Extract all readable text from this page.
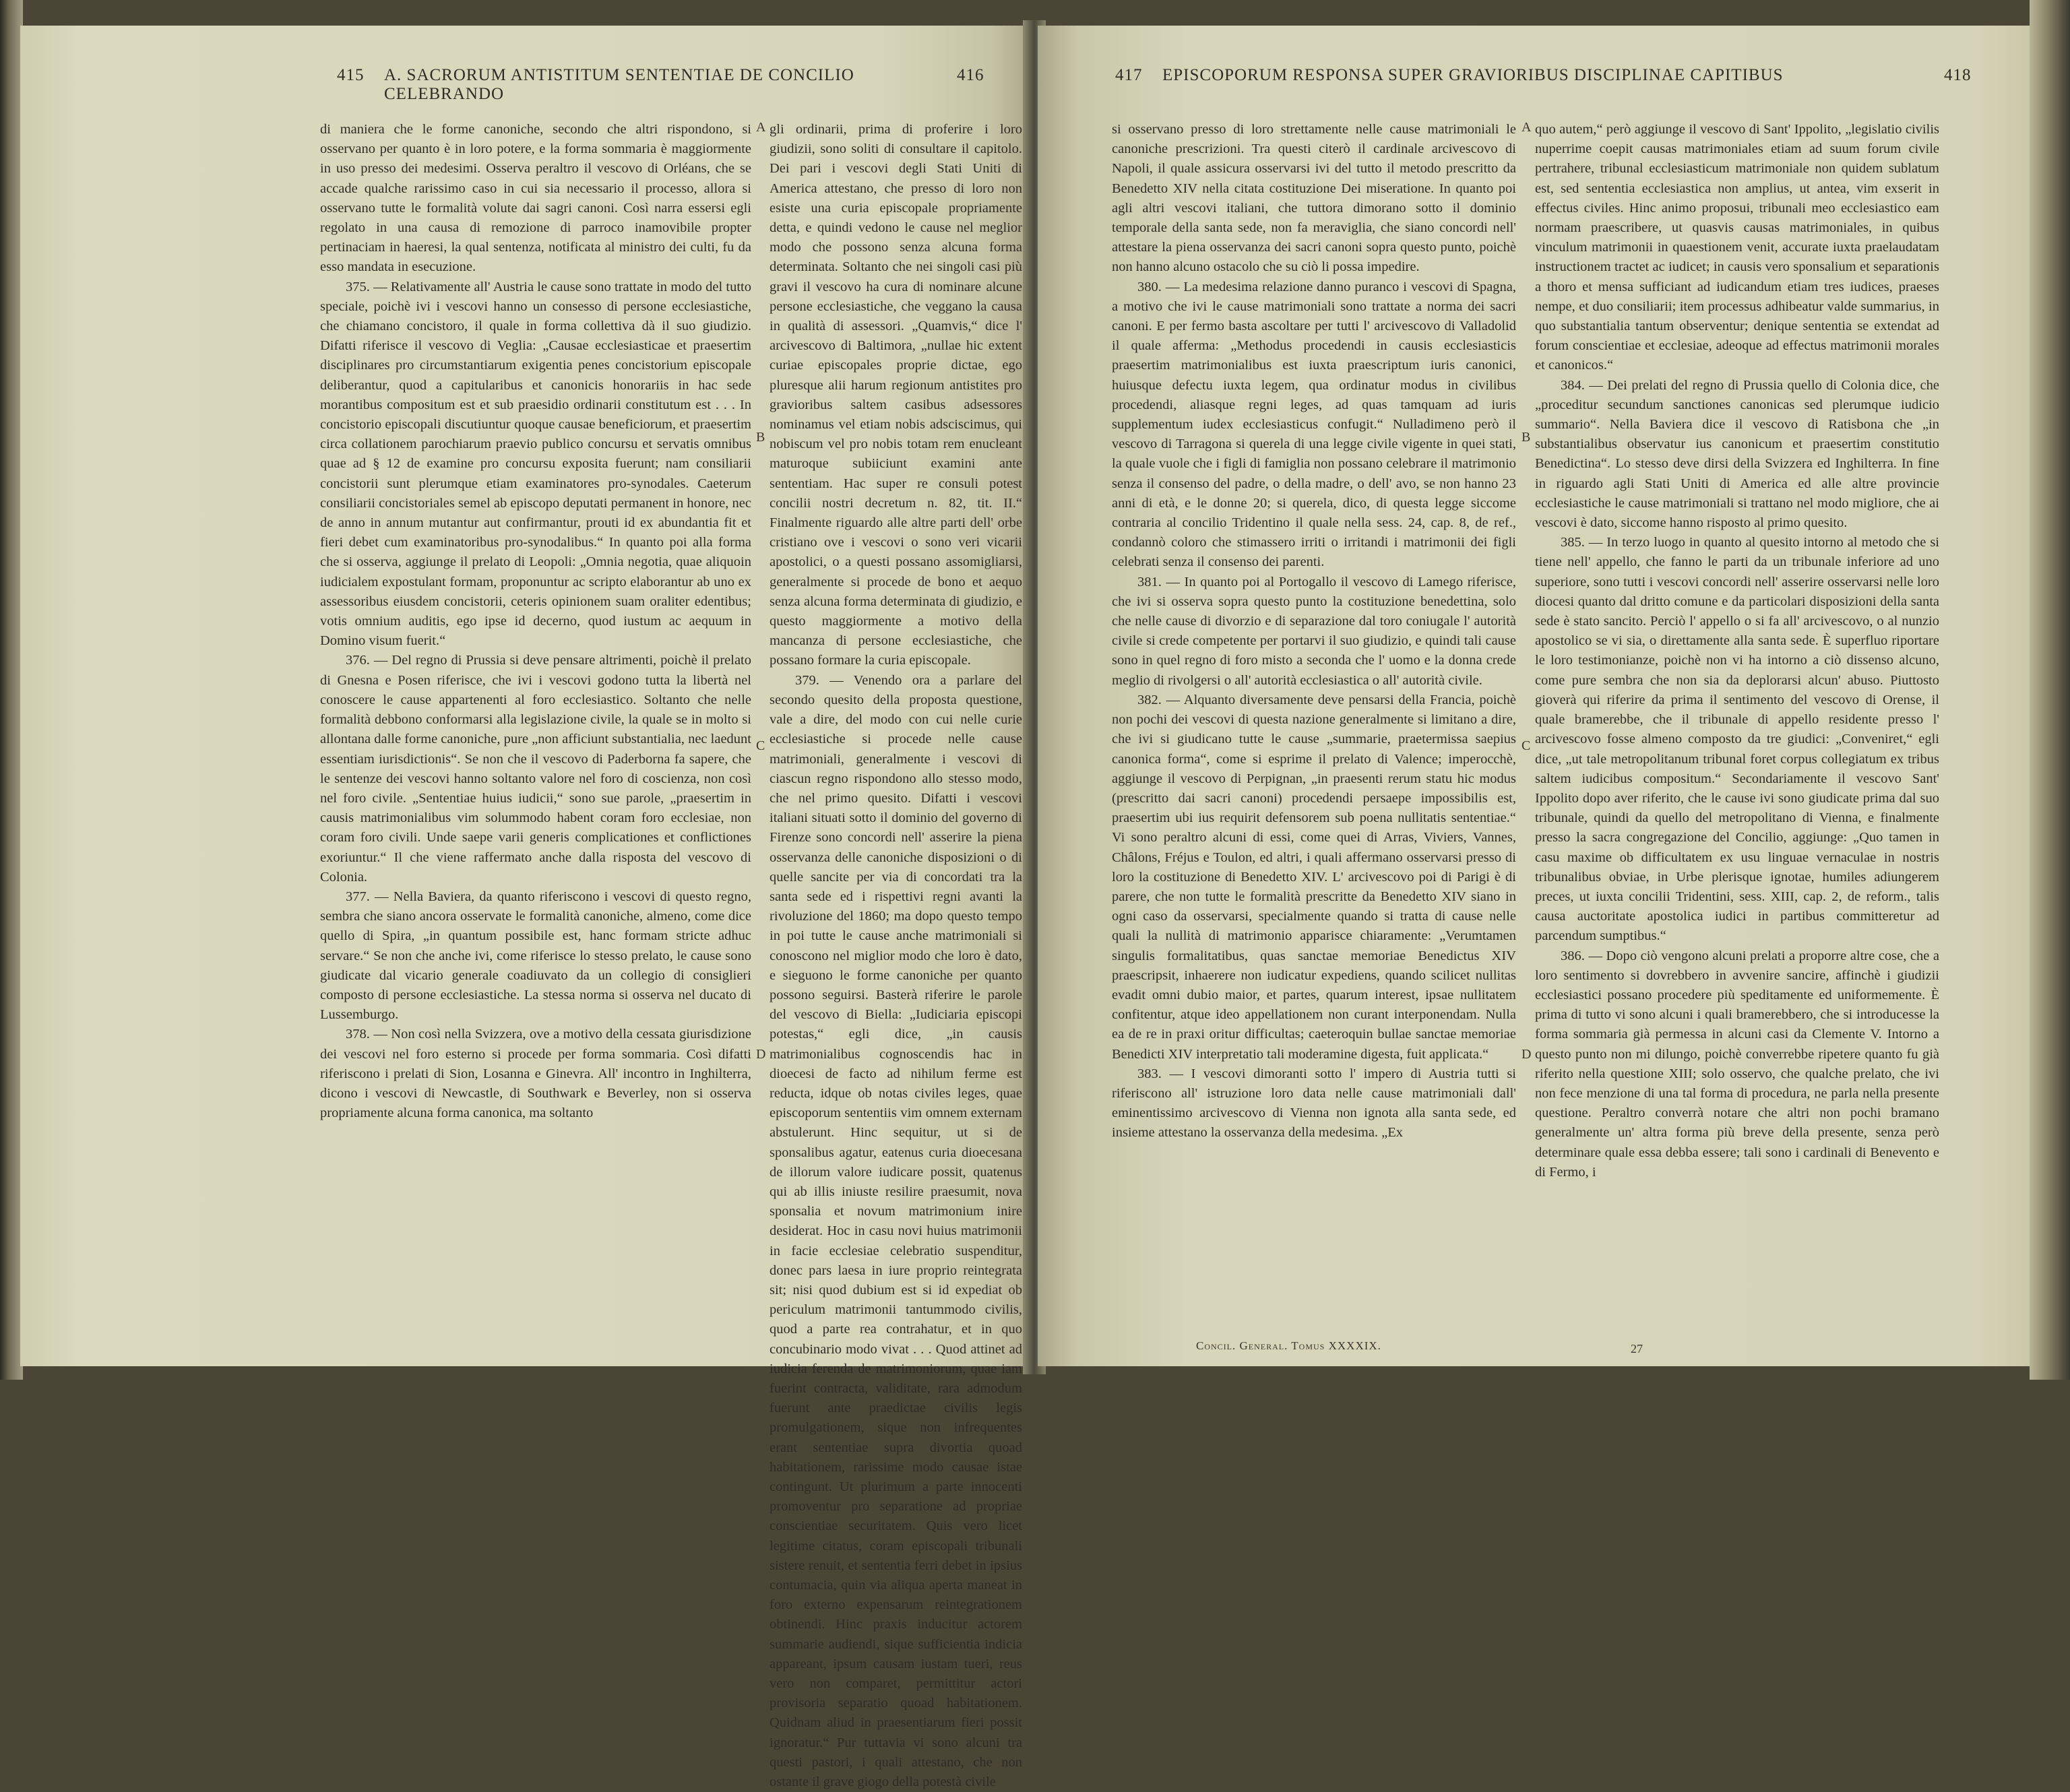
415 A. SACRORUM ANTISTITUM SENTENTIAE DE CONCILIO CELEBRANDO
416

di maniera che le forme canoniche, secondo che altri rispondono, si osservano per quanto è in loro potere, e la forma sommaria è maggiormente in uso presso dei medesimi. Osserva peraltro il vescovo di Orléans, che se accade qualche rarissimo caso in cui sia necessario il processo, allora si osservano tutte le formalità volute dai sagri canoni. Così narra essersi egli regolato in una causa di remozione di parroco inamovibile propter pertinaciam in haeresi, la qual sentenza, notificata al ministro dei culti, fu da esso mandata in esecuzione.

375. — Relativamente all' Austria le cause sono trattate in modo del tutto speciale, poichè ivi i vescovi hanno un consesso di persone ecclesiastiche, che chiamano concistoro, il quale in forma collettiva dà il suo giudizio. Difatti riferisce il vescovo di Veglia: „Causae ecclesiasticae et praesertim disciplinares pro circumstantiarum exigentia penes concistorium episcopale deliberantur, quod a capitularibus et canonicis honorariis in hac sede morantibus compositum est et sub praesidio ordinarii constitutum est . . . In concistorio episcopali discutiuntur quoque causae beneficiorum, et praesertim circa collationem parochiarum praevio publico concursu et servatis omnibus quae ad § 12 de examine pro concursu exposita fuerunt; nam consiliarii concistorii sunt plerumque etiam examinatores pro-synodales. Caeterum consiliarii concistoriales semel ab episcopo deputati permanent in honore, nec de anno in annum mutantur aut confirmantur, prouti id ex abundantia fit et fieri debet cum examinatoribus pro-synodalibus.“ In quanto poi alla forma che si osserva, aggiunge il prelato di Leopoli: „Omnia negotia, quae aliquoin iudicialem expostulant formam, proponuntur ac scripto elaborantur ab uno ex assessoribus eiusdem concistorii, ceteris opinionem suam oraliter edentibus; votis omnium auditis, ego ipse id decerno, quod iustum ac aequum in Domino visum fuerit.“

376. — Del regno di Prussia si deve pensare altrimenti, poichè il prelato di Gnesna e Posen riferisce, che ivi i vescovi godono tutta la libertà nel conoscere le cause appartenenti al foro ecclesiastico. Soltanto che nelle formalità debbono conformarsi alla legislazione civile, la quale se in molto si allontana dalle forme canoniche, pure „non afficiunt substantialia, nec laedunt essentiam iurisdictionis“. Se non che il vescovo di Paderborna fa sapere, che le sentenze dei vescovi hanno soltanto valore nel foro di coscienza, non così nel foro civile. „Sententiae huius iudicii,“ sono sue parole, „praesertim in causis matrimonialibus vim solummodo habent coram foro ecclesiae, non coram foro civili. Unde saepe varii generis complicationes et conflictiones exoriuntur.“ Il che viene raffermato anche dalla risposta del vescovo di Colonia.

377. — Nella Baviera, da quanto riferiscono i vescovi di questo regno, sembra che siano ancora osservate le formalità canoniche, almeno, come dice quello di Spira, „in quantum possibile est, hanc formam stricte adhuc servare.“ Se non che anche ivi, come riferisce lo stesso prelato, le cause sono giudicate dal vicario generale coadiuvato da un collegio di consiglieri composto di persone ecclesiastiche. La stessa norma si osserva nel ducato di Lussemburgo.

378. — Non così nella Svizzera, ove a motivo della cessata giurisdizione dei vescovi nel foro esterno si procede per forma sommaria. Così difatti riferiscono i prelati di Sion, Losanna e Ginevra. All' incontro in Inghilterra, dicono i vescovi di Newcastle, di Southwark e Beverley, non si osserva propriamente alcuna forma canonica, ma soltanto

A
B
C
D

gli ordinarii, prima di proferire i loro giudizii, sono soliti di consultare il capitolo. Dei pari i vescovi degli Stati Uniti di America attestano, che presso di loro non esiste una curia episcopale propriamente detta, e quindi vedono le cause nel meglior modo che possono senza alcuna forma determinata. Soltanto che nei singoli casi più gravi il vescovo ha cura di nominare alcune persone ecclesiastiche, che veggano la causa in qualità di assessori. „Quamvis,“ dice l' arcivescovo di Baltimora, „nullae hic extent curiae episcopales proprie dictae, ego pluresque alii harum regionum antistites pro gravioribus saltem casibus adsessores nominamus vel etiam nobis adsciscimus, qui nobiscum vel pro nobis totam rem enucleant maturoque subiiciunt examini ante sententiam. Hac super re consuli potest concilii nostri decretum n. 82, tit. II.“ Finalmente riguardo alle altre parti dell' orbe cristiano ove i vescovi o sono veri vicarii apostolici, o a questi possano assomigliarsi, generalmente si procede de bono et aequo senza alcuna forma determinata di giudizio, e questo maggiormente a motivo della mancanza di persone ecclesiastiche, che possano formare la curia episcopale.

379. — Venendo ora a parlare del secondo quesito della proposta questione, vale a dire, del modo con cui nelle curie ecclesiastiche si procede nelle cause matrimoniali, generalmente i vescovi di ciascun regno rispondono allo stesso modo, che nel primo quesito. Difatti i vescovi italiani situati sotto il dominio del governo di Firenze sono concordi nell' asserire la piena osservanza delle canoniche disposizioni o di quelle sancite per via di concordati tra la santa sede ed i rispettivi regni avanti la rivoluzione del 1860; ma dopo questo tempo in poi tutte le cause anche matrimoniali si conoscono nel miglior modo che loro è dato, e sieguono le forme canoniche per quanto possono seguirsi. Basterà riferire le parole del vescovo di Biella: „Iudiciaria episcopi potestas,“ egli dice, „in causis matrimonialibus cognoscendis hac in dioecesi de facto ad nihilum ferme est reducta, idque ob notas civiles leges, quae episcoporum sententiis vim omnem externam abstulerunt. Hinc sequitur, ut si de sponsalibus agatur, eatenus curia dioecesana de illorum valore iudicare possit, quatenus qui ab illis iniuste resilire praesumit, nova sponsalia et novum matrimonium inire desiderat. Hoc in casu novi huius matrimonii in facie ecclesiae celebratio suspenditur, donec pars laesa in iure proprio reintegrata sit; nisi quod dubium est si id expediat ob periculum matrimonii tantummodo civilis, quod a parte rea contrahatur, et in quo concubinario modo vivat . . . Quod attinet ad iudicia ferenda de matrimoniorum, quae iam fuerint contracta, validitate, rara admodum fuerunt ante praedictae civilis legis promulgationem, sique non infrequentes erant sententiae supra divortia quoad habitationem, rarissime modo causae istae contingunt. Ut plurimum a parte innocenti promoventur pro separatione ad propriae conscientiae securitatem. Quis vero licet legitime citatus, coram episcopali tribunali sistere renuit, et sententia ferri debet in ipsius contumacia, quin via aliqua aperta maneat in foro externo expensarum reintegrationem obtinendi. Hinc praxis inducitur actorem summarie audiendi, sique sufficientia indicia appareant, ipsum causam iustam tueri, reus vero non comparet, permittitur actori provisoria separatio quoad habitationem. Quidnam aliud in praesentiarum fieri possit ignoratur.“ Pur tuttavia vi sono alcuni tra questi pastori, i quali attestano, che non ostante il grave giogo della potestà civile

417 EPISCOPORUM RESPONSA SUPER GRAVIORIBUS DISCIPLINAE CAPITIBUS	418

si osservano presso di loro strettamente nelle cause matrimoniali le canoniche prescrizioni. Tra questi citerò il cardinale arcivescovo di Napoli, il quale assicura osservarsi ivi del tutto il metodo prescritto da Benedetto XIV nella citata costituzione Dei miseratione. In quanto poi agli altri vescovi italiani, che tuttora dimorano sotto il dominio temporale della santa sede, non fa meraviglia, che siano concordi nell' attestare la piena osservanza dei sacri canoni sopra questo punto, poichè non hanno alcuno ostacolo che su ciò li possa impedire.

380. — La medesima relazione danno puranco i vescovi di Spagna, a motivo che ivi le cause matrimoniali sono trattate a norma dei sacri canoni. E per fermo basta ascoltare per tutti l' arcivescovo di Valladolid il quale afferma: „Methodus procedendi in causis ecclesiasticis praesertim matrimonialibus est iuxta praescriptum iuris canonici, huiusque defectu iuxta legem, qua ordinatur modus in civilibus procedendi, aliasque regni leges, ad quas tamquam ad iuris supplementum iudex ecclesiasticus confugit.“ Nulladimeno però il vescovo di Tarragona si querela di una legge civile vigente in quei stati, la quale vuole che i figli di famiglia non possano celebrare il matrimonio senza il consenso del padre, o della madre, o dell' avo, se non hanno 23 anni di età, e le donne 20; si querela, dico, di questa legge siccome contraria al concilio Tridentino il quale nella sess. 24, cap. 8, de ref., condannò coloro che stimassero irriti o irritandi i matrimonii dei figli celebrati senza il consenso dei parenti.

381. — In quanto poi al Portogallo il vescovo di Lamego riferisce, che ivi si osserva sopra questo punto la costituzione benedettina, solo che nelle cause di divorzio e di separazione dal toro coniugale l' autorità civile si crede competente per portarvi il suo giudizio, e quindi tali cause sono in quel regno di foro misto a seconda che l' uomo e la donna crede meglio di rivolgersi o all' autorità ecclesiastica o all' autorità civile.

382. — Alquanto diversamente deve pensarsi della Francia, poichè non pochi dei vescovi di questa nazione generalmente si limitano a dire, che ivi si giudicano tutte le cause „summarie, praetermissa saepius canonica forma“, come si esprime il prelato di Valence; imperocchè, aggiunge il vescovo di Perpignan, „in praesenti rerum statu hic modus (prescritto dai sacri canoni) procedendi persaepe impossibilis est, praesertim ubi ius requirit defensorem sub poena nullitatis sententiae.“ Vi sono peraltro alcuni di essi, come quei di Arras, Viviers, Vannes, Châlons, Fréjus e Toulon, ed altri, i quali affermano osservarsi presso di loro la costituzione di Benedetto XIV. L' arcivescovo poi di Parigi è di parere, che non tutte le formalità prescritte da Benedetto XIV siano in ogni caso da osservarsi, specialmente quando si tratta di cause nelle quali la nullità di matrimonio apparisce chiaramente: „Verumtamen singulis formalitatibus, quas sanctae memoriae Benedictus XIV praescripsit, inhaerere non iudicatur expediens, quando scilicet nullitas evadit omni dubio maior, et partes, quarum interest, ipsae nullitatem confitentur, atque ideo appellationem non curant interponendam. Nulla ea de re in praxi oritur difficultas; caeteroquin bullae sanctae memoriae Benedicti XIV interpretatio tali moderamine digesta, fuit applicata.“

383. — I vescovi dimoranti sotto l' impero di Austria tutti si riferiscono all' istruzione loro data nelle cause matrimoniali dall' eminentissimo arcivescovo di Vienna non ignota alla santa sede, ed insieme attestano la osservanza della medesima. „Ex

A
B
C
D

quo autem,“ però aggiunge il vescovo di Sant' Ippolito, „legislatio civilis nuperrime coepit causas matrimoniales etiam ad suum forum civile pertrahere, tribunal ecclesiasticum matrimoniale non quidem sublatum est, sed sententia ecclesiastica non amplius, ut antea, vim exserit in effectus civiles. Hinc animo proposui, tribunali meo ecclesiastico eam normam praescribere, ut quasvis causas matrimoniales, in quibus vinculum matrimonii in quaestionem venit, accurate iuxta praelaudatam instructionem tractet ac iudicet; in causis vero sponsalium et separationis a thoro et mensa sufficiant ad iudicandum etiam tres iudices, praeses nempe, et duo consiliarii; item processus adhibeatur valde summarius, in quo substantialia tantum observentur; denique sententia se extendat ad forum conscientiae et ecclesiae, adeoque ad effectus matrimonii morales et canonicos.“

384. — Dei prelati del regno di Prussia quello di Colonia dice, che „proceditur secundum sanctiones canonicas sed plerumque iudicio summario“. Nella Baviera dice il vescovo di Ratisbona che „in substantialibus observatur ius canonicum et praesertim constitutio Benedictina“. Lo stesso deve dirsi della Svizzera ed Inghilterra. In fine in riguardo agli Stati Uniti di America ed alle altre provincie ecclesiastiche le cause matrimoniali si trattano nel modo migliore, che ai vescovi è dato, siccome hanno risposto al primo quesito.

385. — In terzo luogo in quanto al quesito intorno al metodo che si tiene nell' appello, che fanno le parti da un tribunale inferiore ad uno superiore, sono tutti i vescovi concordi nell' asserire osservarsi nelle loro diocesi quanto dal dritto comune e da particolari disposizioni della santa sede è stato sancito. Perciò l' appello o si fa all' arcivescovo, o al nunzio apostolico se vi sia, o direttamente alla santa sede. È superfluo riportare le loro testimonianze, poichè non vi ha intorno a ciò dissenso alcuno, come pure sembra che non sia da deplorarsi alcun' abuso. Piuttosto gioverà qui riferire da prima il sentimento del vescovo di Orense, il quale bramerebbe, che il tribunale di appello residente presso l' arcivescovo fosse almeno composto da tre giudici: „Conveniret,“ egli dice, „ut tale metropolitanum tribunal foret corpus collegiatum ex tribus saltem iudicibus compositum.“ Secondariamente il vescovo Sant' Ippolito dopo aver riferito, che le cause ivi sono giudicate prima dal suo tribunale, quindi da quello del metropolitano di Vienna, e finalmente presso la sacra congregazione del Concilio, aggiunge: „Quo tamen in casu maxime ob difficultatem ex usu linguae vernaculae in nostris tribunalibus obviae, in Urbe plerisque ignotae, humiles adiungerem preces, ut iuxta concilii Tridentini, sess. XIII, cap. 2, de reform., talis causa auctoritate apostolica iudici in partibus committeretur ad parcendum sumptibus.“

386. — Dopo ciò vengono alcuni prelati a proporre altre cose, che a loro sentimento si dovrebbero in avvenire sancire, affinchè i giudizii ecclesiastici possano procedere più speditamente ed uniformemente. È prima di tutto vi sono alcuni i quali bramerebbero, che si introducesse la forma sommaria già permessa in alcuni casi da Clemente V. Intorno a questo punto non mi dilungo, poichè converrebbe ripetere quanto fu già riferito nella questione XIII; solo osservo, che qualche prelato, che ivi non fece menzione di una tal forma di procedura, ne parla nella presente questione. Peraltro converrà notare che altri non pochi bramano generalmente un' altra forma più breve della presente, senza però determinare quale essa debba essere; tali sono i cardinali di Benevento e di Fermo, i

Concil. General. Tomus XXXXIX.	27
